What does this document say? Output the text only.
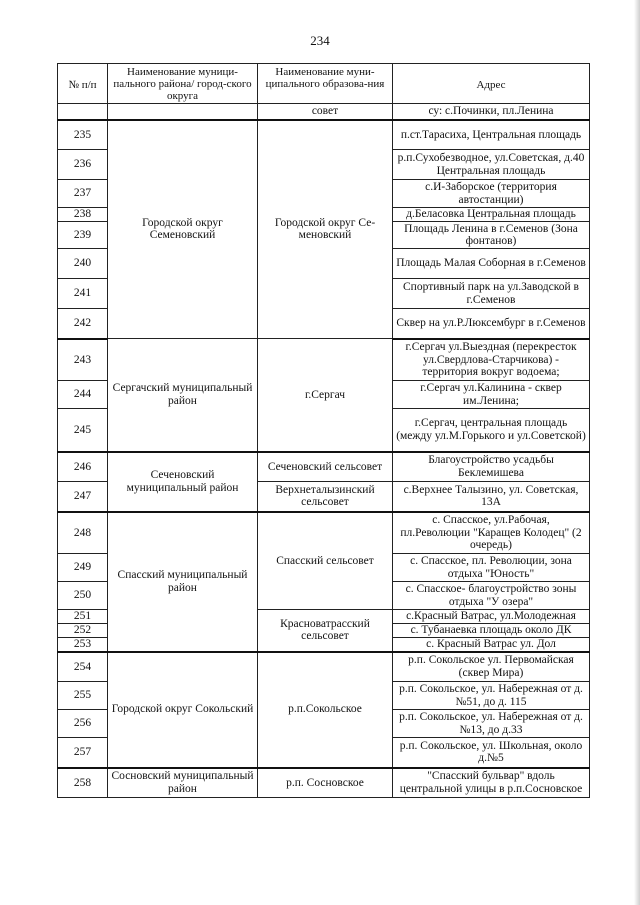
234
№ п/п	Наименование муници-пального района/ город-ского округа	Наименование муни-ципального образова-ния	Адрес
		совет	су: с.Починки, пл.Ленина
235	Городской округ Семеновский	Городской округ Се-меновский	п.ст.Тарасиха, Центральная площадь
236			р.п.Сухобезводное, ул.Советская, д.40 Центральная площадь
237			с.И-Заборское (территория автостанции)
238			д.Беласовка Центральная площадь
239			Площадь Ленина в г.Семенов (Зона фонтанов)
240			Площадь Малая Соборная в г.Семенов
241			Спортивный парк на ул.Заводской в г.Семенов
242			Сквер на ул.Р.Люксембург в г.Семенов
243	Сергачский муниципальный район	г.Сергач	г.Сергач ул.Выездная (перекресток ул.Свердлова-Старчикова) - территория вокруг водоема;
244			г.Сергач ул.Калинина - сквер им.Ленина;
245			г.Сергач, центральная площадь (между ул.М.Горького и ул.Советской)
246	Сеченовский муниципальный район	Сеченовский сельсовет	Благоустройство усадьбы Беклемишева
247		Верхнеталызинский сельсовет	с.Верхнее Талызино, ул. Советская, 13А
248	Спасский муниципальный район	Спасский сельсовет	с. Спасское, ул.Рабочая, пл.Революции "Каращев Колодец" (2 очередь)
249			с. Спасское, пл. Революции, зона отдыха "Юность"
250			с. Спасское- благоустройство зоны отдыха "У озера"
251		Красноватрасский сельсовет	с.Красный Ватрас, ул.Молодежная
252			с. Тубанаевка площадь около ДК
253			с. Красный Ватрас ул. Дол
254	Городской округ Сокольский	р.п.Сокольское	р.п. Сокольское ул. Первомайская (сквер Мира)
255			р.п. Сокольское, ул. Набережная от д.№51, до д. 115
256			р.п. Сокольское, ул. Набережная от д.№13, до д.33
257			р.п. Сокольское, ул. Школьная, около д.№5
258	Сосновский муниципальный район	р.п. Сосновское	"Спасский бульвар" вдоль центральной улицы в р.п.Сосновское
